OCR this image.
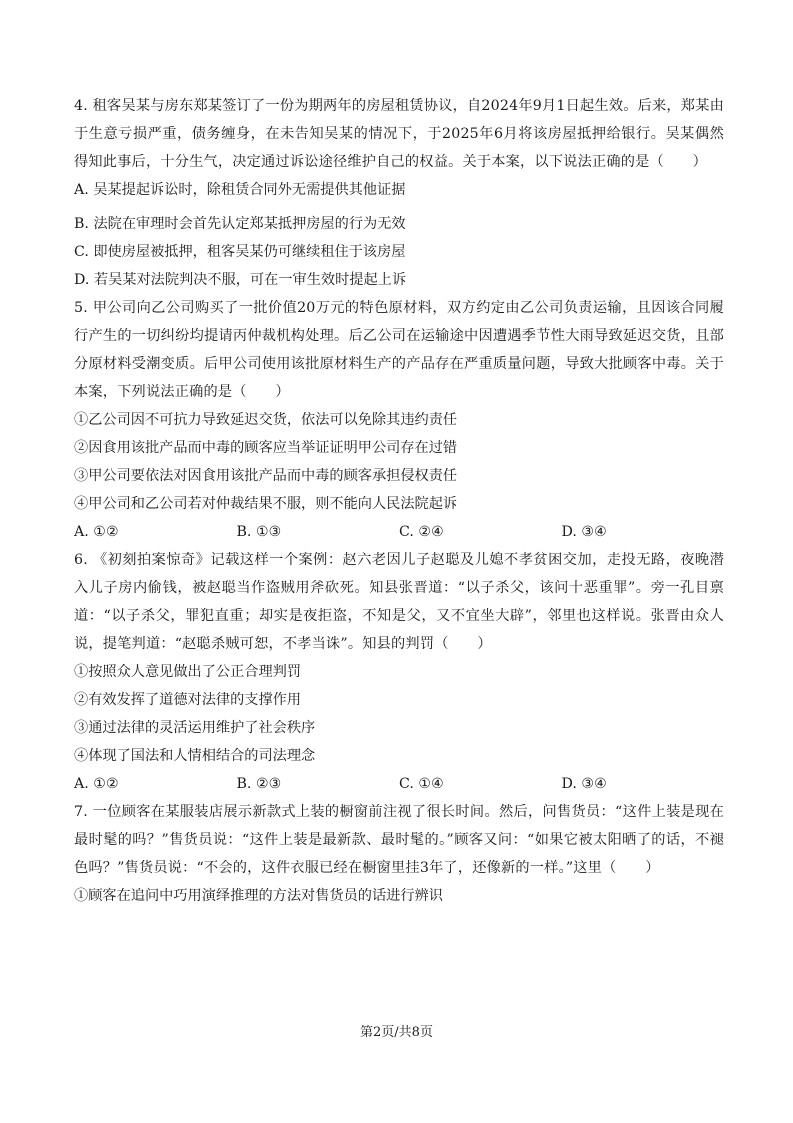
4. 租客吴某与房东郑某签订了一份为期两年的房屋租赁协议，自2024年9月1日起生效。后来，郑某由于生意亏损严重，债务缠身，在未告知吴某的情况下，于2025年6月将该房屋抵押给银行。吴某偶然得知此事后，十分生气，决定通过诉讼途径维护自己的权益。关于本案，以下说法正确的是（　　）

A. 吴某提起诉讼时，除租赁合同外无需提供其他证据

B. 法院在审理时会首先认定郑某抵押房屋的行为无效

C. 即使房屋被抵押，租客吴某仍可继续租住于该房屋

D. 若吴某对法院判决不服，可在一审生效时提起上诉

5. 甲公司向乙公司购买了一批价值20万元的特色原材料，双方约定由乙公司负责运输，且因该合同履行产生的一切纠纷均提请丙仲裁机构处理。后乙公司在运输途中因遭遇季节性大雨导致延迟交货，且部分原材料受潮变质。后甲公司使用该批原材料生产的产品存在严重质量问题，导致大批顾客中毒。关于本案，下列说法正确的是（　　）

①乙公司因不可抗力导致延迟交货，依法可以免除其违约责任

②因食用该批产品而中毒的顾客应当举证证明甲公司存在过错

③甲公司要依法对因食用该批产品而中毒的顾客承担侵权责任

④甲公司和乙公司若对仲裁结果不服，则不能向人民法院起诉

A. ①②	B. ①③	C. ②④	D. ③④

6. 《初刻拍案惊奇》记载这样一个案例：赵六老因儿子赵聪及儿媳不孝贫困交加，走投无路，夜晚潜入儿子房内偷钱，被赵聪当作盗贼用斧砍死。知县张晋道：“以子杀父，该问十恶重罪”。旁一孔目禀道：“以子杀父，罪犯直重；却实是夜拒盗，不知是父，又不宜坐大辟”，邻里也这样说。张晋由众人说，提笔判道：“赵聪杀贼可恕，不孝当诛”。知县的判罚（　　）

①按照众人意见做出了公正合理判罚

②有效发挥了道德对法律的支撑作用

③通过法律的灵活运用维护了社会秩序

④体现了国法和人情相结合的司法理念

A. ①②	B. ②③	C. ①④	D. ③④

7. 一位顾客在某服装店展示新款式上装的橱窗前注视了很长时间。然后，问售货员：“这件上装是现在最时髦的吗？”售货员说：“这件上装是最新款、最时髦的。”顾客又问：“如果它被太阳晒了的话，不褪色吗？”售货员说：“不会的，这件衣服已经在橱窗里挂3年了，还像新的一样。”这里（　　）

①顾客在追问中巧用演绎推理的方法对售货员的话进行辨识

第2页/共8页
